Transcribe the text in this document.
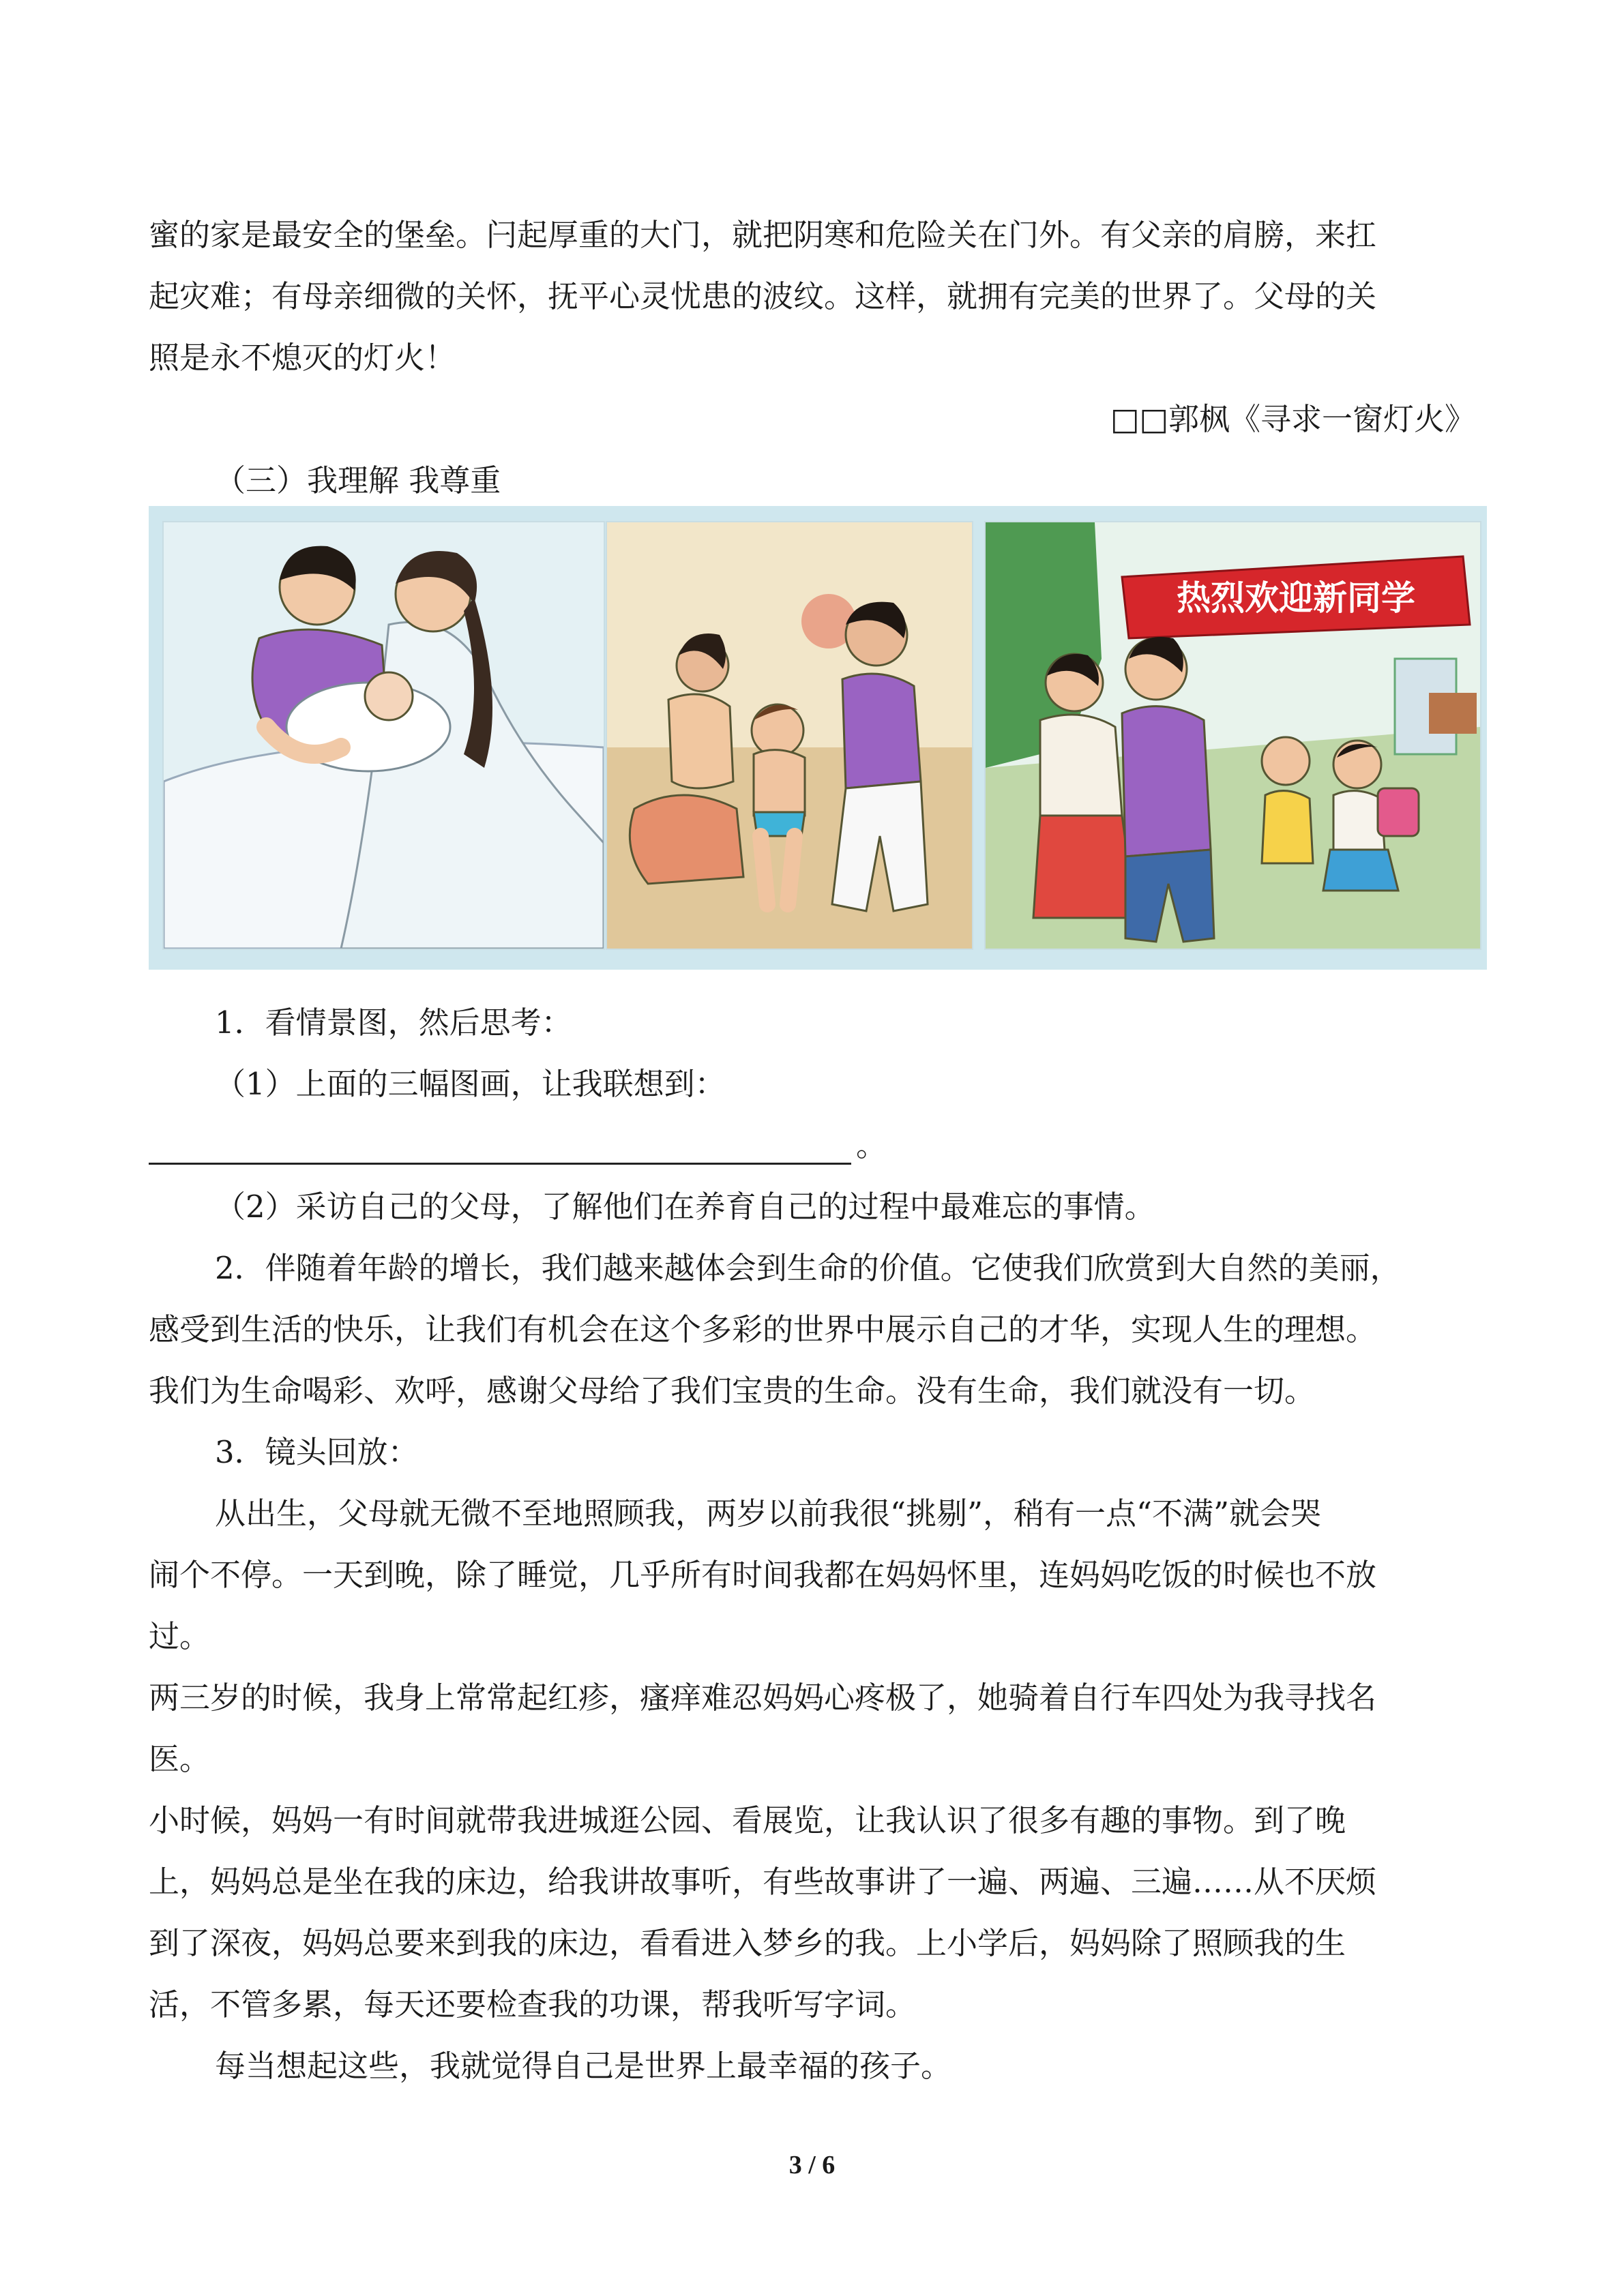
蜜的家是最安全的堡垒。闩起厚重的大门，就把阴寒和危险关在门外。有父亲的肩膀，来扛
起灾难；有母亲细微的关怀，抚平心灵忧患的波纹。这样，就拥有完美的世界了。父母的关
照是永不熄灭的灯火！
□□郭枫《寻求一窗灯火》
（三）我理解 我尊重
热烈欢迎新同学
1．看情景图，然后思考：
（1）上面的三幅图画，让我联想到：
。
（2）采访自己的父母，了解他们在养育自己的过程中最难忘的事情。
2．伴随着年龄的增长，我们越来越体会到生命的价值。它使我们欣赏到大自然的美丽，
感受到生活的快乐，让我们有机会在这个多彩的世界中展示自己的才华，实现人生的理想。
我们为生命喝彩、欢呼，感谢父母给了我们宝贵的生命。没有生命，我们就没有一切。
3．镜头回放：
从出生，父母就无微不至地照顾我，两岁以前我很“挑剔”，稍有一点“不满”就会哭
闹个不停。一天到晚，除了睡觉，几乎所有时间我都在妈妈怀里，连妈妈吃饭的时候也不放
过。
两三岁的时候，我身上常常起红疹，瘙痒难忍妈妈心疼极了，她骑着自行车四处为我寻找名
医。
小时候，妈妈一有时间就带我进城逛公园、看展览，让我认识了很多有趣的事物。到了晚
上，妈妈总是坐在我的床边，给我讲故事听，有些故事讲了一遍、两遍、三遍……从不厌烦
到了深夜，妈妈总要来到我的床边，看看进入梦乡的我。上小学后，妈妈除了照顾我的生
活，不管多累，每天还要检查我的功课，帮我听写字词。
每当想起这些，我就觉得自己是世界上最幸福的孩子。
3 / 6
